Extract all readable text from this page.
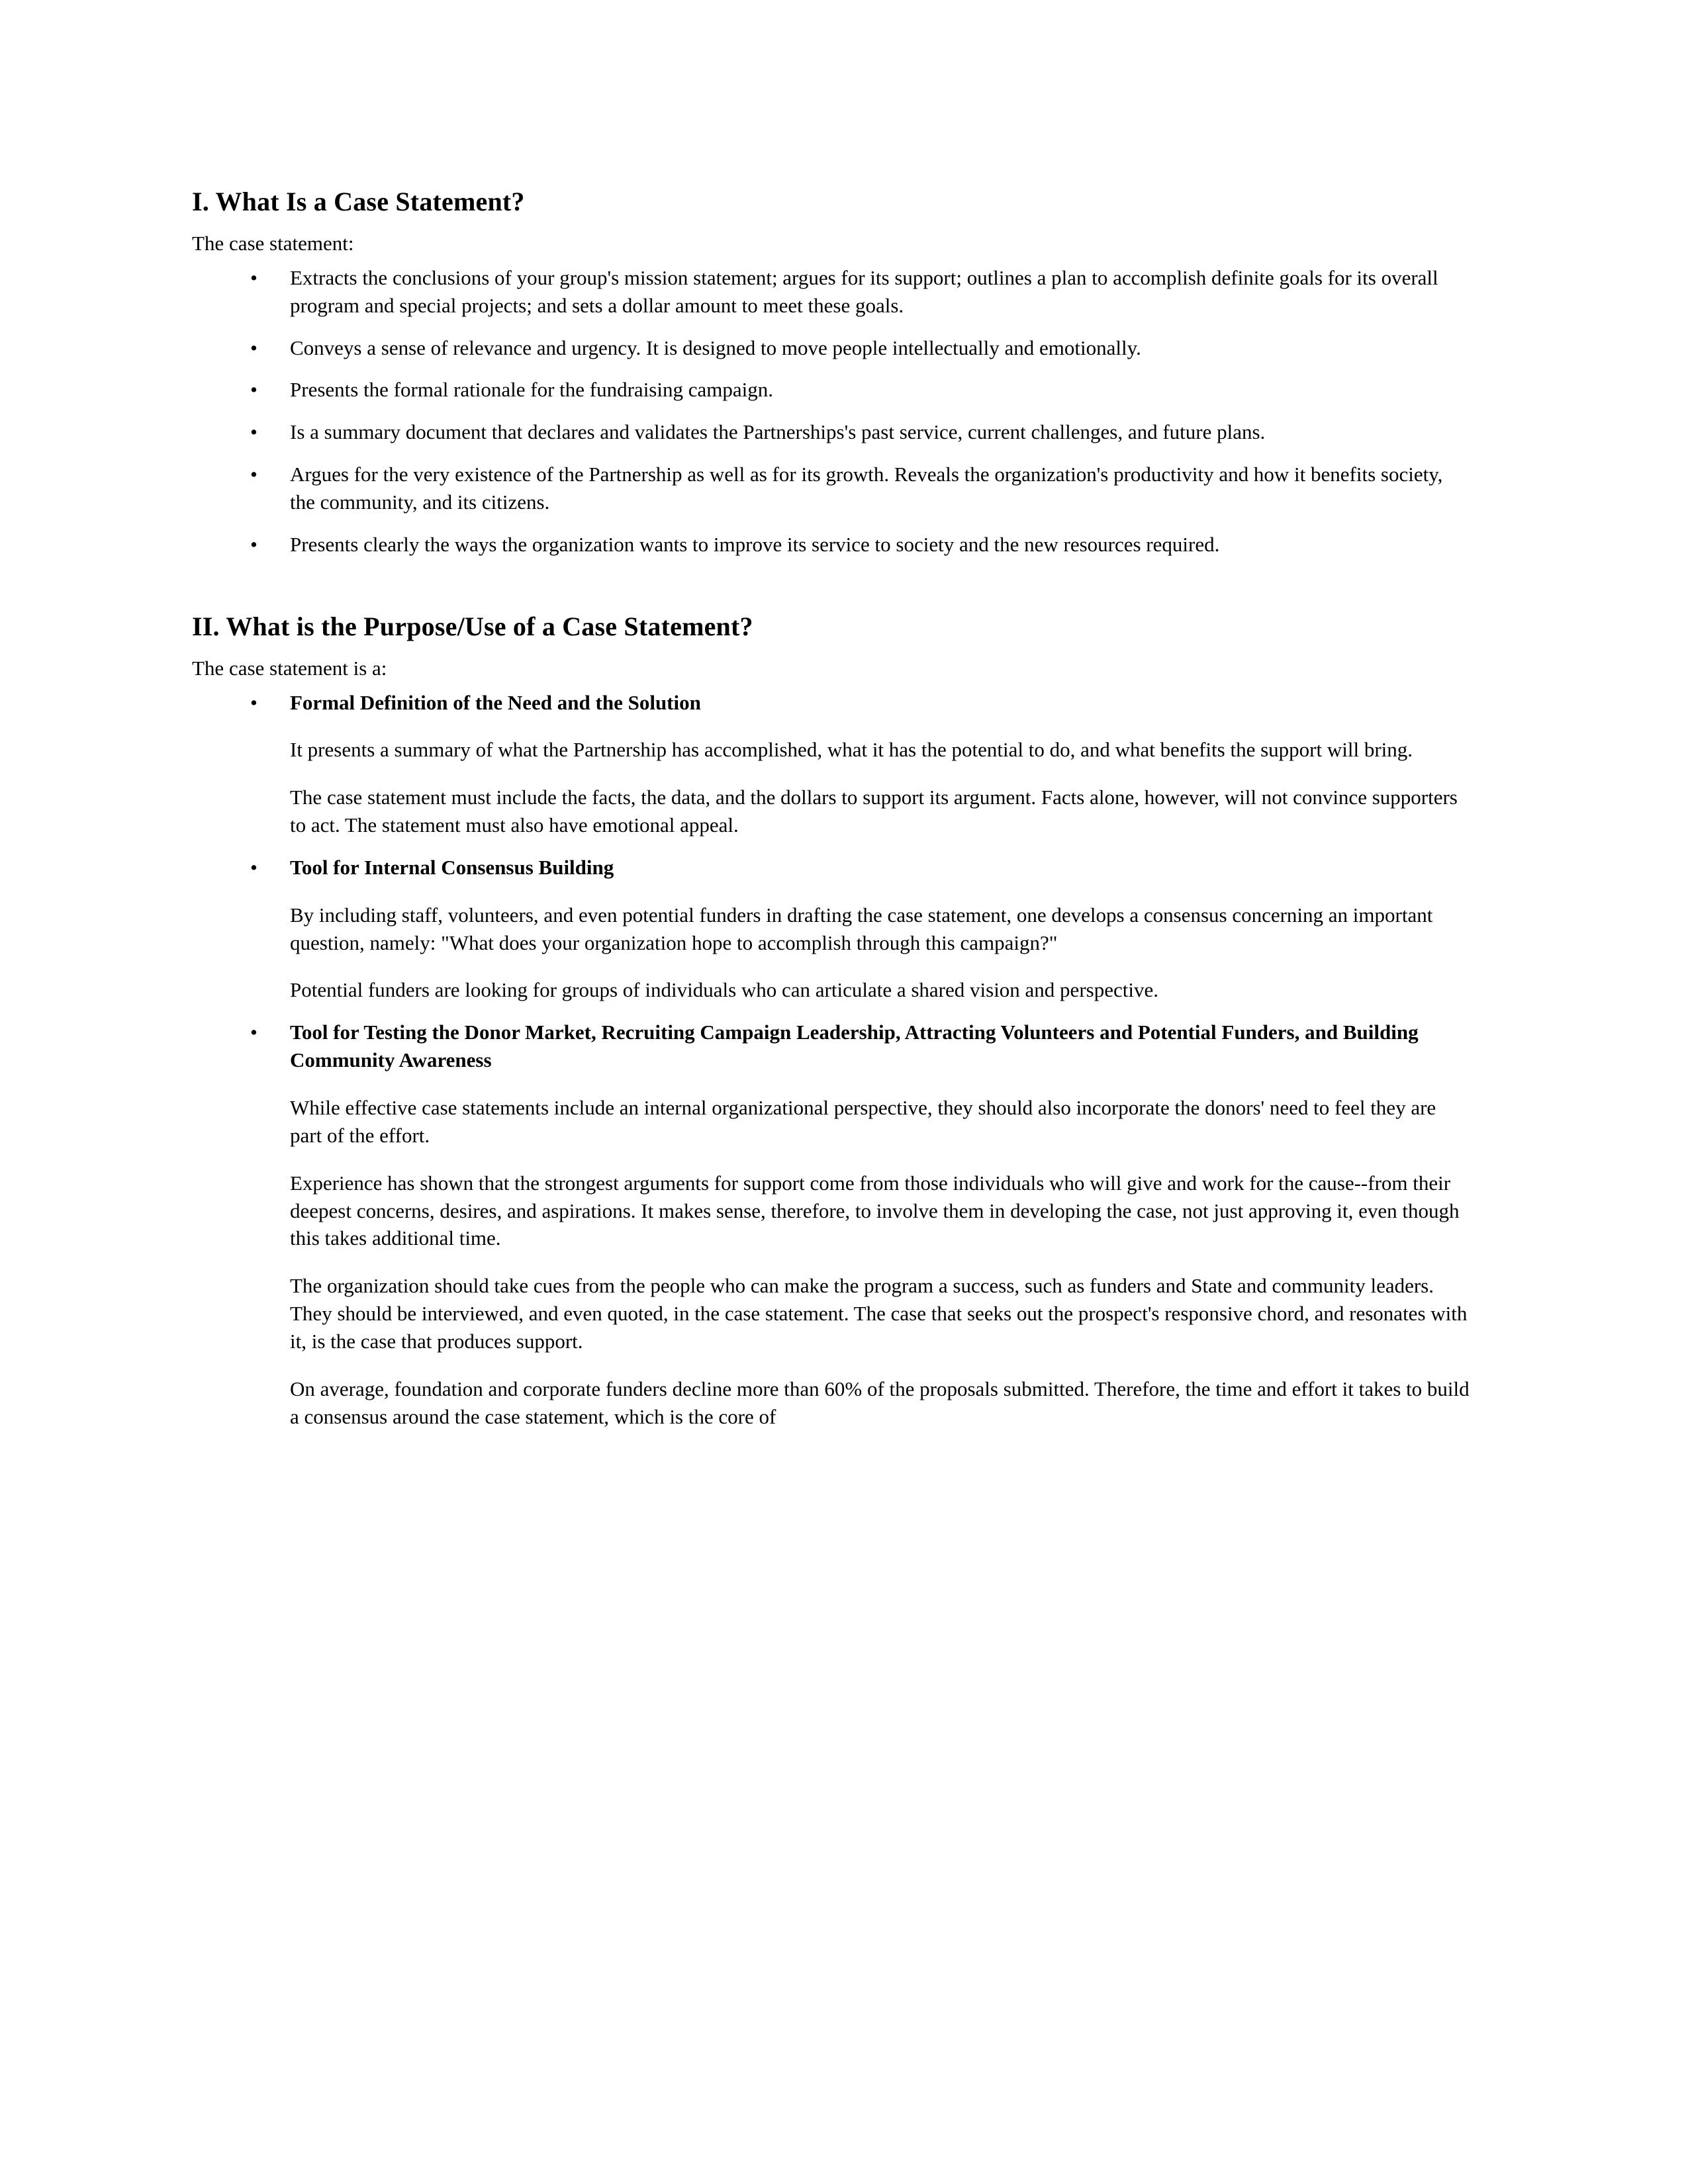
I. What Is a Case Statement?

The case statement:

• Extracts the conclusions of your group's mission statement; argues for its support; outlines a plan to accomplish definite goals for its overall program and special projects; and sets a dollar amount to meet these goals.
• Conveys a sense of relevance and urgency. It is designed to move people intellectually and emotionally.
• Presents the formal rationale for the fundraising campaign.
• Is a summary document that declares and validates the Partnerships's past service, current challenges, and future plans.
• Argues for the very existence of the Partnership as well as for its growth. Reveals the organization's productivity and how it benefits society, the community, and its citizens.
• Presents clearly the ways the organization wants to improve its service to society and the new resources required.
II. What is the Purpose/Use of a Case Statement?

The case statement is a:

• Formal Definition of the Need and the Solution
It presents a summary of what the Partnership has accomplished, what it has the potential to do, and what benefits the support will bring.
The case statement must include the facts, the data, and the dollars to support its argument. Facts alone, however, will not convince supporters to act. The statement must also have emotional appeal.
• Tool for Internal Consensus Building
By including staff, volunteers, and even potential funders in drafting the case statement, one develops a consensus concerning an important question, namely: "What does your organization hope to accomplish through this campaign?"
Potential funders are looking for groups of individuals who can articulate a shared vision and perspective.
• Tool for Testing the Donor Market, Recruiting Campaign Leadership, Attracting Volunteers and Potential Funders, and Building Community Awareness
While effective case statements include an internal organizational perspective, they should also incorporate the donors' need to feel they are part of the effort.
Experience has shown that the strongest arguments for support come from those individuals who will give and work for the cause--from their deepest concerns, desires, and aspirations. It makes sense, therefore, to involve them in developing the case, not just approving it, even though this takes additional time.
The organization should take cues from the people who can make the program a success, such as funders and State and community leaders. They should be interviewed, and even quoted, in the case statement. The case that seeks out the prospect's responsive chord, and resonates with it, is the case that produces support.
On average, foundation and corporate funders decline more than 60% of the proposals submitted. Therefore, the time and effort it takes to build a consensus around the case statement, which is the core of
